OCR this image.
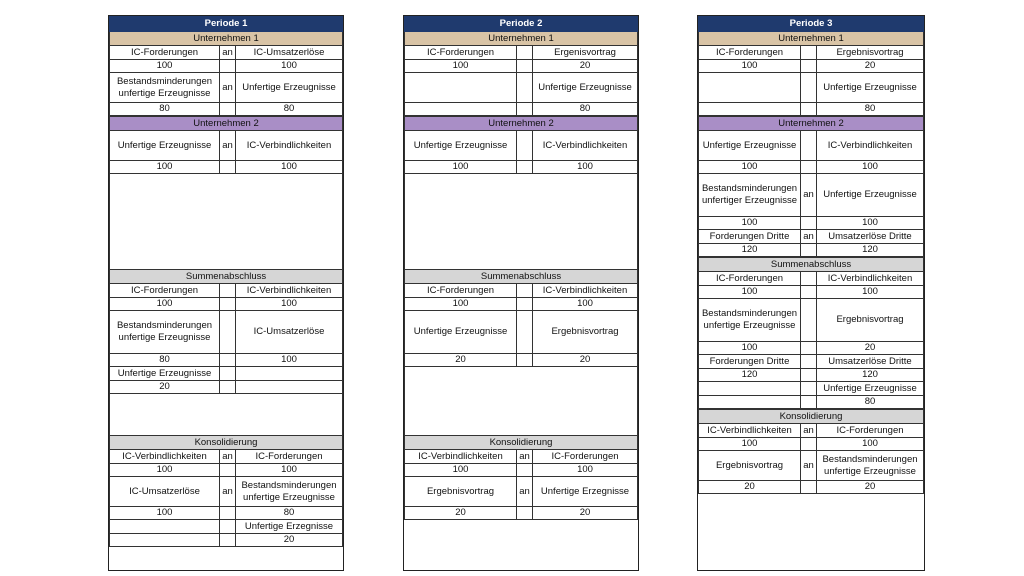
Periode 1		
Unternehmen 1		
IC-Forderungen	an	IC-Umsatzerlöse
100		100
Bestandsminderungen unfertige Erzeugnisse	an	Unfertige Erzeugnisse
80		80

Unternehmen 2		
Unfertige Erzeugnisse	an	IC-Verbindlichkeiten
100		100

Summenabschluss		
IC-Forderungen		IC-Verbindlichkeiten
100		100
Bestandsminderungen unfertige Erzeugnisse		IC-Umsatzerlöse
80		100
Unfertige Erzeugnisse		
20		

Konsolidierung		
IC-Verbindlichkeiten	an	IC-Forderungen
100		100
IC-Umsatzerlöse	an	Bestandsminderungen unfertige Erzeugnisse
100		80
		Unfertige Erzegnisse
		20
Periode 2		
Unternehmen 1		
IC-Forderungen		Ergenisvortrag
100		20
		Unfertige Erzeugnisse
		80

Unternehmen 2		
Unfertige Erzeugnisse		IC-Verbindlichkeiten
100		100

Summenabschluss		
IC-Forderungen		IC-Verbindlichkeiten
100		100
Unfertige Erzeugnisse		Ergebnisvortrag
20		20

Konsolidierung		
IC-Verbindlichkeiten	an	IC-Forderungen
100		100
Ergebnisvortrag	an	Unfertige Erzegnisse
20		20
Periode 3		
Unternehmen 1		
IC-Forderungen		Ergebnisvortrag
100		20
		Unfertige Erzeugnisse
		80

Unternehmen 2		
Unfertige Erzeugnisse		IC-Verbindlichkeiten
100		100
Bestandsminderungen unfertiger Erzeugnisse	an	Unfertige Erzeugnisse
100		100
Forderungen Dritte	an	Umsatzerlöse Dritte
120		120

Summenabschluss		
IC-Forderungen		IC-Verbindlichkeiten
100		100
Bestandsminderungen unfertige Erzeugnisse		Ergebnisvortrag
100		20
Forderungen Dritte		Umsatzerlöse Dritte
120		120
		Unfertige Erzeugnisse
		80

Konsolidierung		
IC-Verbindlichkeiten	an	IC-Forderungen
100		100
Ergebnisvortrag	an	Bestandsminderungen unfertige Erzeugnisse
20		20
